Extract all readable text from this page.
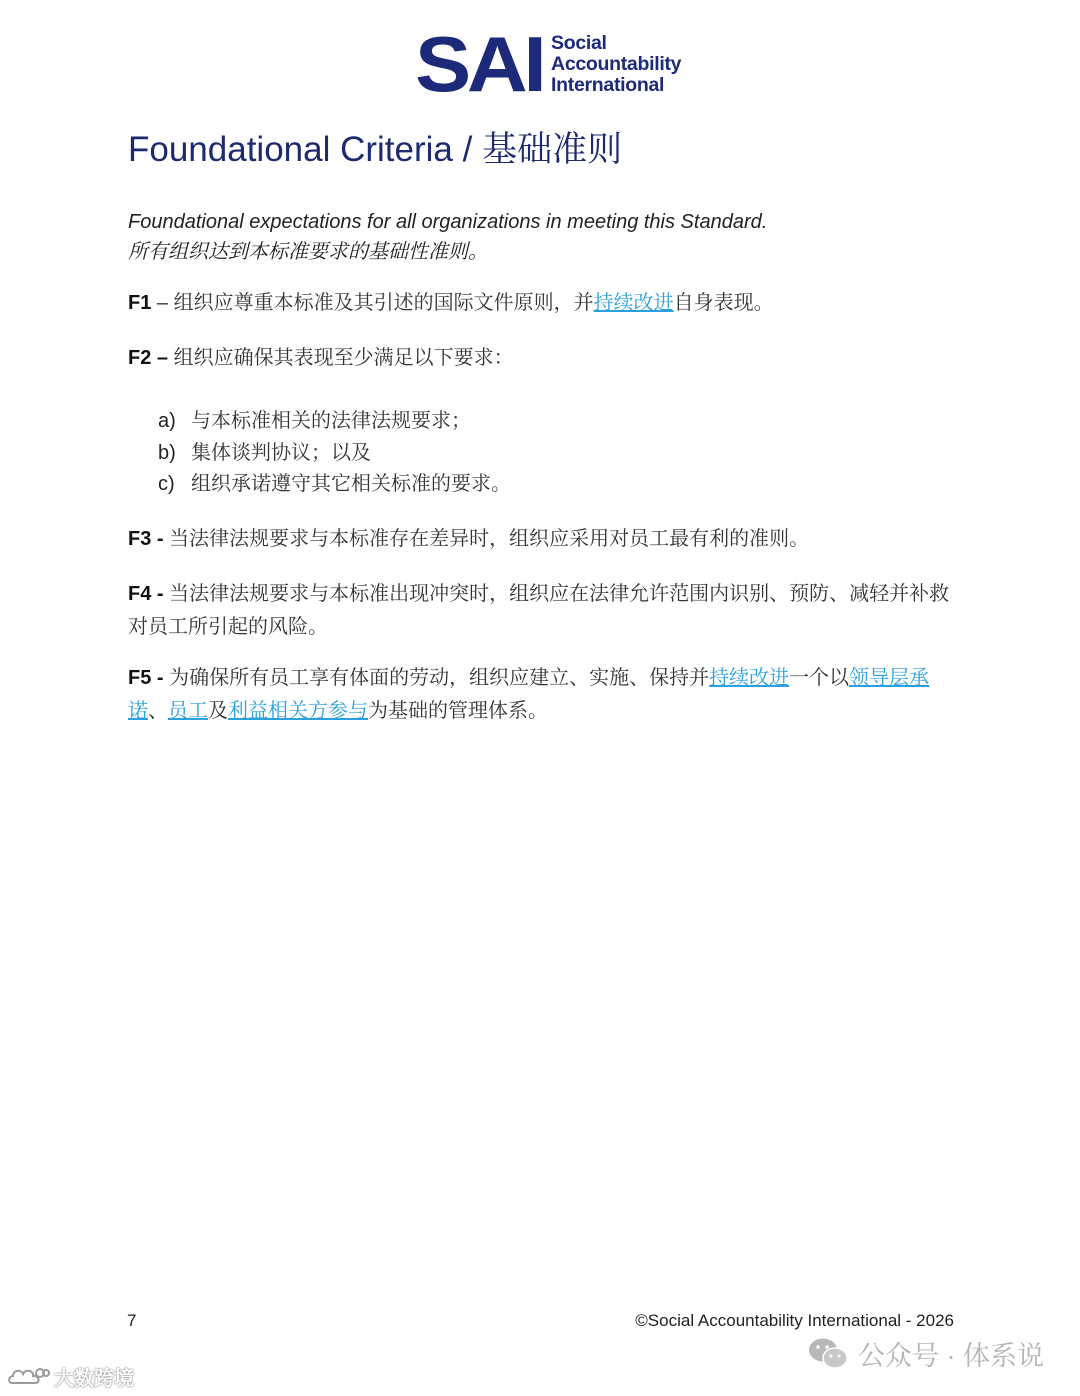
SAI Social
Accountability
International
Foundational Criteria / 基础准则
Foundational expectations for all organizations in meeting this Standard.
所有组织达到本标准要求的基础性准则。
F1 – 组织应尊重本标准及其引述的国际文件原则，并持续改进自身表现。
F2 – 组织应确保其表现至少满足以下要求：
a) 与本标准相关的法律法规要求；
b) 集体谈判协议；以及
c) 组织承诺遵守其它相关标准的要求。
F3 - 当法律法规要求与本标准存在差异时，组织应采用对员工最有利的准则。
F4 - 当法律法规要求与本标准出现冲突时，组织应在法律允许范围内识别、预防、减轻并补救对员工所引起的风险。
F5 - 为确保所有员工享有体面的劳动，组织应建立、实施、保持并持续改进一个以领导层承诺、员工及利益相关方参与为基础的管理体系。
7	©Social Accountability International - 2026
公众号 · 体系说
大数跨境
